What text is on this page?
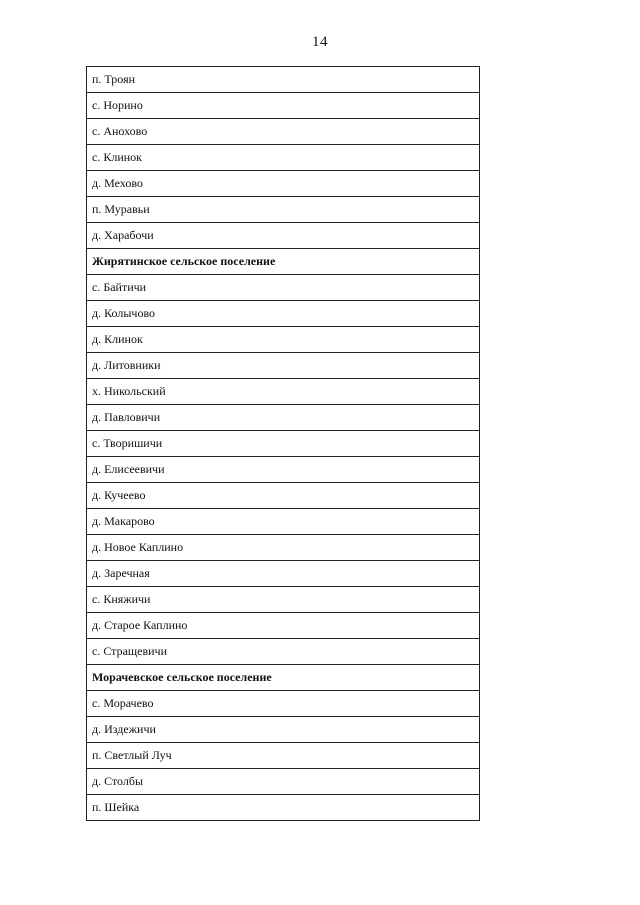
14
п. Троян
с. Норино
с. Анохово
с. Клинок
д. Мехово
п. Муравьи
д. Харабочи
Жирятинское сельское поселение
с. Байтичи
д. Колычово
д. Клинок
д. Литовники
х. Никольский
д. Павловичи
с. Творишичи
д. Елисеевичи
д. Кучеево
д. Макарово
д. Новое Каплино
д. Заречная
с. Княжичи
д. Старое Каплино
с. Стращевичи
Морачевское сельское поселение
с. Морачево
д. Издежичи
п. Светлый Луч
д. Столбы
п. Шейка
